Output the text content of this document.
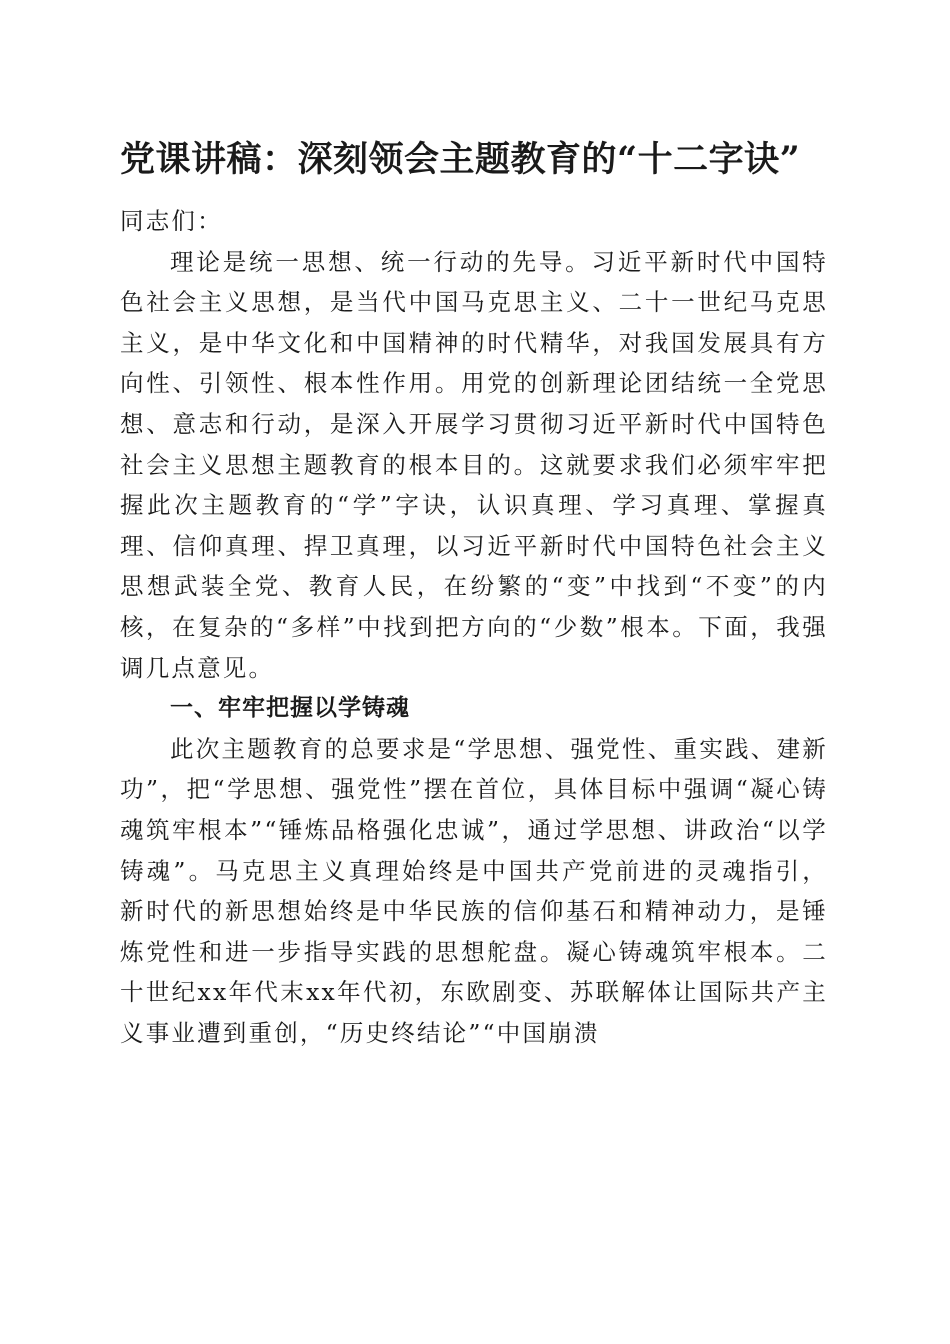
党课讲稿：深刻领会主题教育的“十二字诀”

同志们：

理论是统一思想、统一行动的先导。习近平新时代中国特色社会主义思想，是当代中国马克思主义、二十一世纪马克思主义，是中华文化和中国精神的时代精华，对我国发展具有方向性、引领性、根本性作用。用党的创新理论团结统一全党思想、意志和行动，是深入开展学习贯彻习近平新时代中国特色社会主义思想主题教育的根本目的。这就要求我们必须牢牢把握此次主题教育的“学”字诀，认识真理、学习真理、掌握真理、信仰真理、捍卫真理，以习近平新时代中国特色社会主义思想武装全党、教育人民，在纷繁的“变”中找到“不变”的内核，在复杂的“多样”中找到把方向的“少数”根本。下面，我强调几点意见。

一、牢牢把握以学铸魂

此次主题教育的总要求是“学思想、强党性、重实践、建新功”，把“学思想、强党性”摆在首位，具体目标中强调“凝心铸魂筑牢根本”“锤炼品格强化忠诚”，通过学思想、讲政治“以学铸魂”。马克思主义真理始终是中国共产党前进的灵魂指引，新时代的新思想始终是中华民族的信仰基石和精神动力，是锤炼党性和进一步指导实践的思想舵盘。凝心铸魂筑牢根本。二十世纪xx年代末xx年代初，东欧剧变、苏联解体让国际共产主义事业遭到重创，“历史终结论”“中国崩溃
